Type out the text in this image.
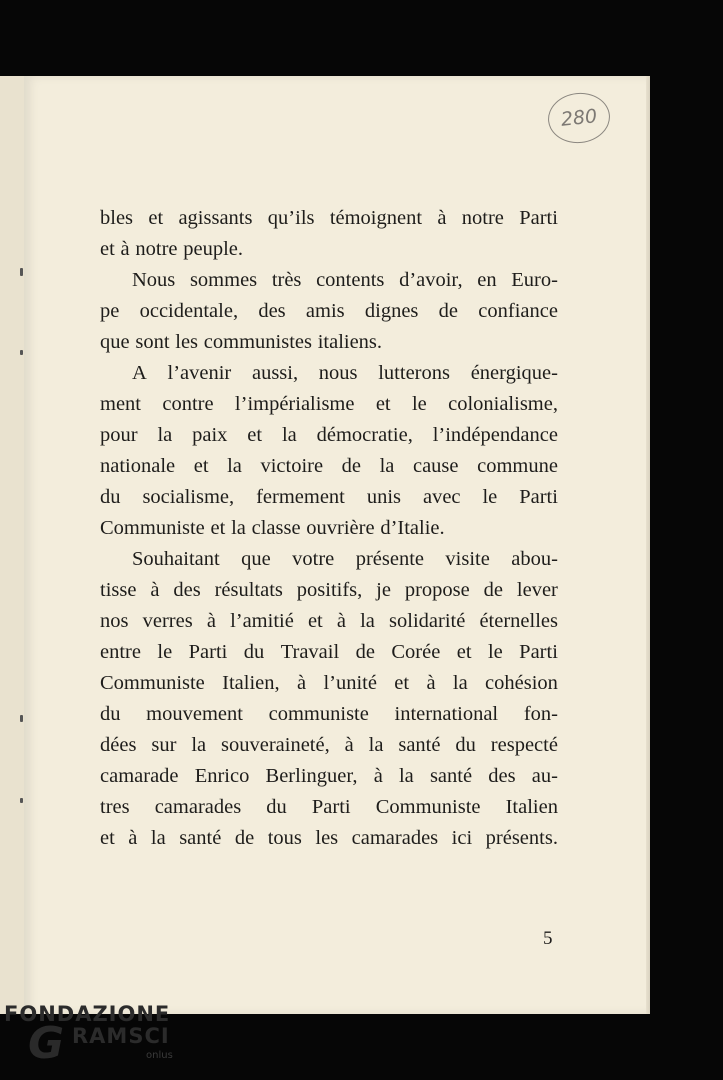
280
bles et agissants qu’ils témoignent à notre Parti
et à notre peuple.
Nous sommes très contents d’avoir, en Euro-
pe occidentale, des amis dignes de confiance
que sont les communistes italiens.
A l’avenir aussi, nous lutterons énergique-
ment contre l’impérialisme et le colonialisme,
pour la paix et la démocratie, l’indépendance
nationale et la victoire de la cause commune
du socialisme, fermement unis avec le Parti
Communiste et la classe ouvrière d’Italie.
Souhaitant que votre présente visite abou-
tisse à des résultats positifs, je propose de lever
nos verres à l’amitié et à la solidarité éternelles
entre le Parti du Travail de Corée et le Parti
Communiste Italien, à l’unité et à la cohésion
du mouvement communiste international fon-
dées sur la souveraineté, à la santé du respecté
camarade Enrico Berlinguer, à la santé des au-
tres camarades du Parti Communiste Italien
et à la santé de tous les camarades ici présents.
5
FONDAZIONE
G RAMSCI
onlus
